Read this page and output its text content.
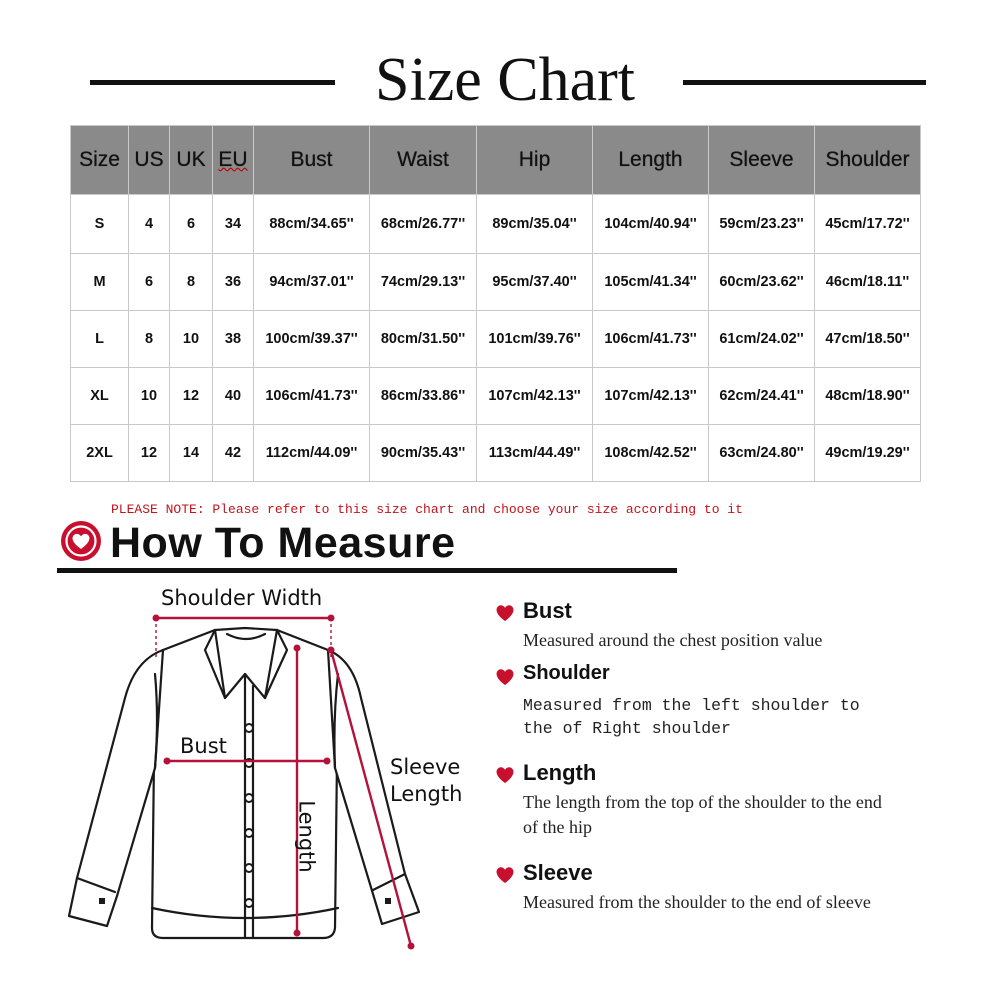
Size Chart
Size	US	UK	EU	Bust	Waist	Hip	Length	Sleeve	Shoulder
S	4	6	34	88cm/34.65''	68cm/26.77''	89cm/35.04''	104cm/40.94''	59cm/23.23''	45cm/17.72''
M	6	8	36	94cm/37.01''	74cm/29.13''	95cm/37.40''	105cm/41.34''	60cm/23.62''	46cm/18.11''
L	8	10	38	100cm/39.37''	80cm/31.50''	101cm/39.76''	106cm/41.73''	61cm/24.02''	47cm/18.50''
XL	10	12	40	106cm/41.73''	86cm/33.86''	107cm/42.13''	107cm/42.13''	62cm/24.41''	48cm/18.90''
2XL	12	14	42	112cm/44.09''	90cm/35.43''	113cm/44.49''	108cm/42.52''	63cm/24.80''	49cm/19.29''
PLEASE NOTE: Please refer to this size chart and choose your size according to it
How To Measure
Shoulder Width
Bust
Sleeve
Length
Length
Bust
Measured around the chest position value
Shoulder
Measured from the left shoulder to the of Right shoulder
Length
The length from the top of the shoulder to the end of the hip
Sleeve
Measured from the shoulder to the end of sleeve
